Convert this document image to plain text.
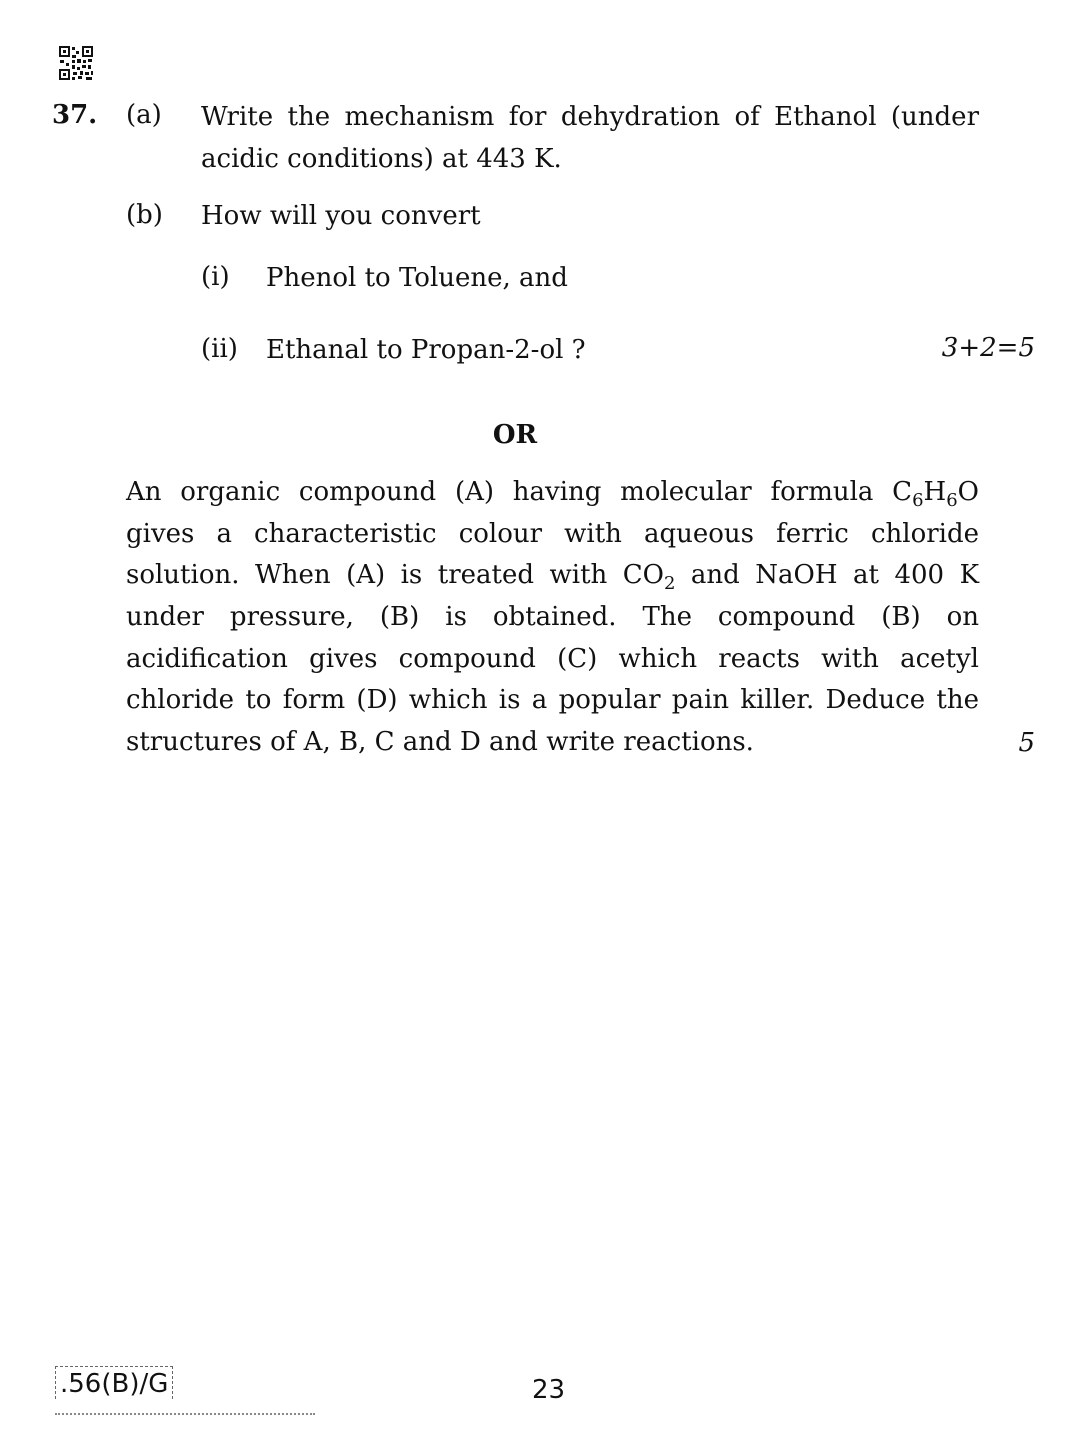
37. (a) Write the mechanism for dehydration of Ethanol (under
acidic conditions) at 443 K.
(b) How will you convert
(i) Phenol to Toluene, and
(ii) Ethanal to Propan-2-ol ?	3+2=5
OR
An organic compound (A) having molecular formula $C_6H_6O$
gives a characteristic colour with aqueous ferric chloride
solution. When (A) is treated with $CO_2$ and NaOH at 400 K
under pressure, (B) is obtained. The compound (B) on
acidification gives compound (C) which reacts with acetyl
chloride to form (D) which is a popular pain killer. Deduce the
structures of A, B, C and D and write reactions.	5
.56(B)/G	23
